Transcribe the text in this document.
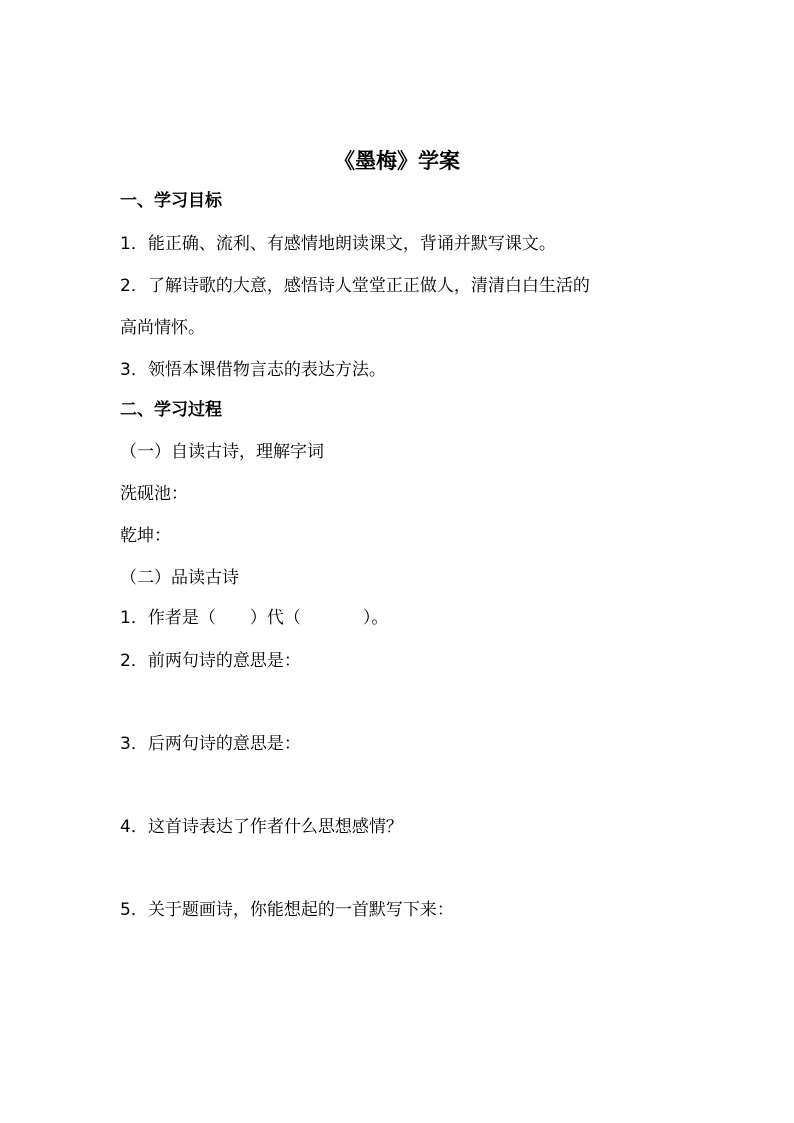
《墨梅》学案
一、学习目标
1．能正确、流利、有感情地朗读课文，背诵并默写课文。
2．了解诗歌的大意，感悟诗人堂堂正正做人，清清白白生活的
高尚情怀。
3．领悟本课借物言志的表达方法。
二、学习过程
（一）自读古诗，理解字词
洗砚池：
乾坤：
（二）品读古诗
1．作者是（ ）代（	）。
2．前两句诗的意思是：
3．后两句诗的意思是：
4．这首诗表达了作者什么思想感情？
5．关于题画诗，你能想起的一首默写下来：
